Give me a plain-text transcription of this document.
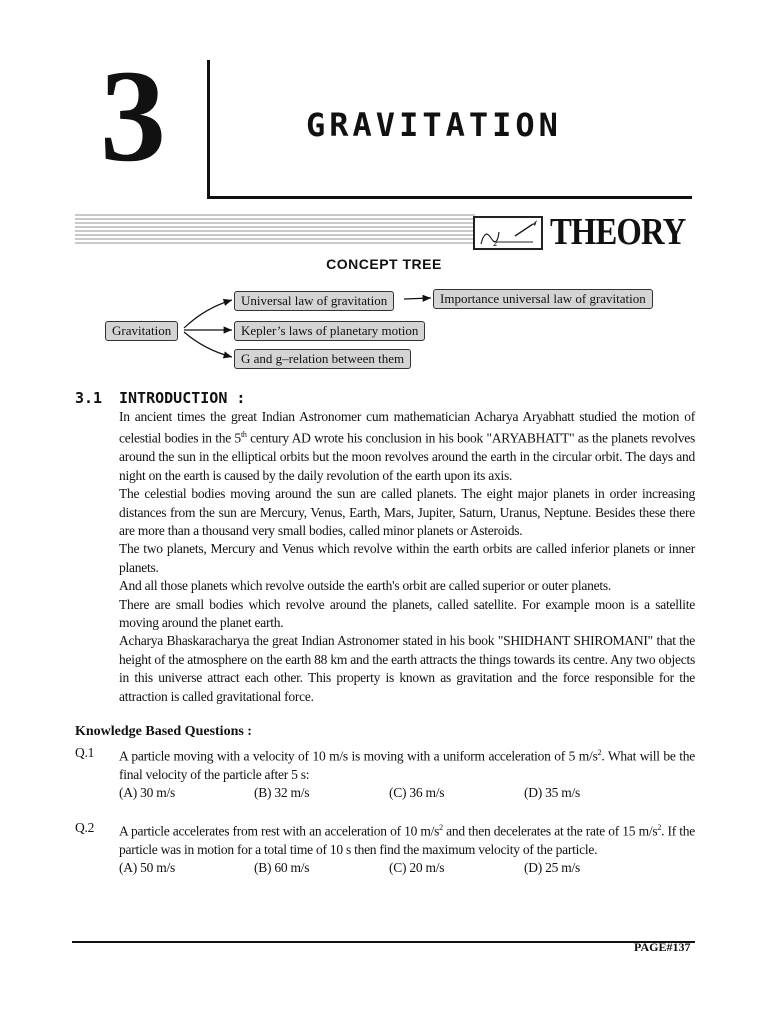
3	GRAVITATION
2 THEORY
CONCEPT TREE
Gravitation
Universal law of gravitation
Kepler’s laws of planetary motion
G and g–relation between them
Importance universal law of gravitation
3.1 INTRODUCTION :

In ancient times the great Indian Astronomer cum mathematician Acharya Aryabhatt studied the motion of celestial bodies in the 5th century AD wrote his conclusion in his book "ARYABHATT" as the planets revolves around the sun in the elliptical orbits but the moon revolves around the earth in the circular orbit. The days and night on the earth is caused by the daily revolution of the earth upon its axis.

The celestial bodies moving around the sun are called planets. The eight major planets in order increasing distances from the sun are Mercury, Venus, Earth, Mars, Jupiter, Saturn, Uranus, Neptune. Besides these there are more than a thousand very small bodies, called minor planets or Asteroids.

The two planets, Mercury and Venus which revolve within the earth orbits are called inferior planets or inner planets.

And all those planets which revolve outside the earth's orbit are called superior or outer planets.

There are small bodies which revolve around the planets, called satellite. For example moon is a satellite moving around the planet earth.

Acharya Bhaskaracharya the great Indian Astronomer stated in his book "SHIDHANT SHIROMANI" that the height of the atmosphere on the earth 88 km and the earth attracts the things towards its centre. Any two objects in this universe attract each other. This property is known as gravitation and the force responsible for the attraction is called gravitational force.

Knowledge Based Questions :
Q.1 A particle moving with a velocity of 10 m/s is moving with a uniform acceleration of 5 $m/s^2$. What will be the final velocity of the particle after 5 s:
(A) 30 m/s	(B) 32 m/s	(C) 36 m/s	(D) 35 m/s
Q.2 A particle accelerates from rest with an acceleration of 10 $m/s^2$ and then decelerates at the rate of 15 $m/s^2$. If the particle was in motion for a total time of 10 s then find the maximum velocity of the particle.
(A) 50 m/s	(B) 60 m/s	(C) 20 m/s	(D) 25 m/s
PAGE#137
